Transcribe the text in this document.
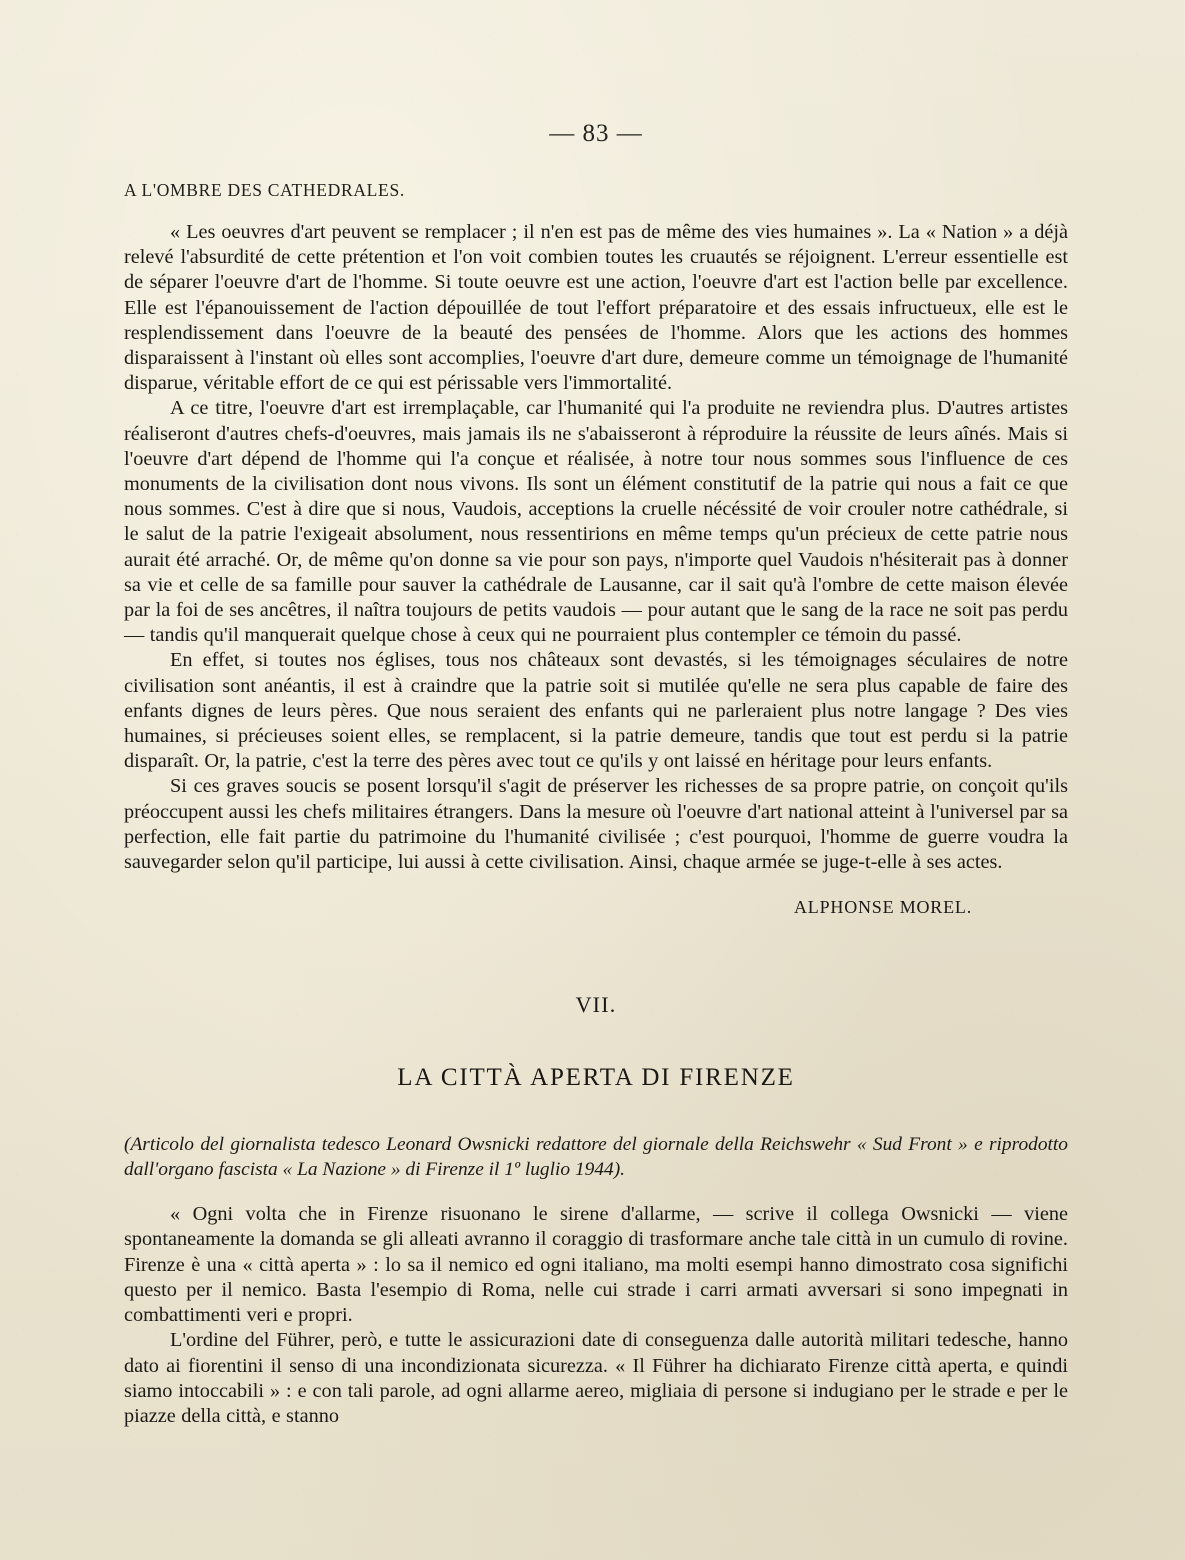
— 83 —
A L'OMBRE DES CATHEDRALES.

« Les oeuvres d'art peuvent se remplacer ; il n'en est pas de même des vies humaines ». La « Nation » a déjà relevé l'absurdité de cette prétention et l'on voit combien toutes les cruautés se réjoignent. L'erreur essentielle est de séparer l'oeuvre d'art de l'homme. Si toute oeuvre est une action, l'oeuvre d'art est l'action belle par excellence. Elle est l'épanouissement de l'action dépouillée de tout l'effort préparatoire et des essais infructueux, elle est le resplendissement dans l'oeuvre de la beauté des pensées de l'homme. Alors que les actions des hommes disparaissent à l'instant où elles sont accomplies, l'oeuvre d'art dure, demeure comme un témoignage de l'humanité disparue, véritable effort de ce qui est périssable vers l'immortalité.

A ce titre, l'oeuvre d'art est irremplaçable, car l'humanité qui l'a produite ne reviendra plus. D'autres artistes réaliseront d'autres chefs-d'oeuvres, mais jamais ils ne s'abaisseront à réproduire la réussite de leurs aînés. Mais si l'oeuvre d'art dépend de l'homme qui l'a conçue et réalisée, à notre tour nous sommes sous l'influence de ces monuments de la civilisation dont nous vivons. Ils sont un élément constitutif de la patrie qui nous a fait ce que nous sommes. C'est à dire que si nous, Vaudois, acceptions la cruelle nécéssité de voir crouler notre cathédrale, si le salut de la patrie l'exigeait absolument, nous ressentirions en même temps qu'un précieux de cette patrie nous aurait été arraché. Or, de même qu'on donne sa vie pour son pays, n'importe quel Vaudois n'hésiterait pas à donner sa vie et celle de sa famille pour sauver la cathédrale de Lausanne, car il sait qu'à l'ombre de cette maison élevée par la foi de ses ancêtres, il naîtra toujours de petits vaudois — pour autant que le sang de la race ne soit pas perdu — tandis qu'il manquerait quelque chose à ceux qui ne pourraient plus contempler ce témoin du passé.

En effet, si toutes nos églises, tous nos châteaux sont devastés, si les témoignages séculaires de notre civilisation sont anéantis, il est à craindre que la patrie soit si mutilée qu'elle ne sera plus capable de faire des enfants dignes de leurs pères. Que nous seraient des enfants qui ne parleraient plus notre langage ? Des vies humaines, si précieuses soient elles, se remplacent, si la patrie demeure, tandis que tout est perdu si la patrie disparaît. Or, la patrie, c'est la terre des pères avec tout ce qu'ils y ont laissé en héritage pour leurs enfants.

Si ces graves soucis se posent lorsqu'il s'agit de préserver les richesses de sa propre patrie, on conçoit qu'ils préoccupent aussi les chefs militaires étrangers. Dans la mesure où l'oeuvre d'art national atteint à l'universel par sa perfection, elle fait partie du patrimoine du l'humanité civilisée ; c'est pourquoi, l'homme de guerre voudra la sauvegarder selon qu'il participe, lui aussi à cette civilisation. Ainsi, chaque armée se juge-t-elle à ses actes.

ALPHONSE MOREL.
VII.
LA CITTÀ APERTA DI FIRENZE
(Articolo del giornalista tedesco Leonard Owsnicki redattore del giornale della Reichswehr « Sud Front » e riprodotto dall'organo fascista « La Nazione » di Firenze il 1º luglio 1944).

« Ogni volta che in Firenze risuonano le sirene d'allarme, — scrive il collega Owsnicki — viene spontaneamente la domanda se gli alleati avranno il coraggio di trasformare anche tale città in un cumulo di rovine. Firenze è una « città aperta » : lo sa il nemico ed ogni italiano, ma molti esempi hanno dimostrato cosa significhi questo per il nemico. Basta l'esempio di Roma, nelle cui strade i carri armati avversari si sono impegnati in combattimenti veri e propri.

L'ordine del Führer, però, e tutte le assicurazioni date di conseguenza dalle autorità militari tedesche, hanno dato ai fiorentini il senso di una incondizionata sicurezza. « Il Führer ha dichiarato Firenze città aperta, e quindi siamo intoccabili » : e con tali parole, ad ogni allarme aereo, migliaia di persone si indugiano per le strade e per le piazze della città, e stanno
